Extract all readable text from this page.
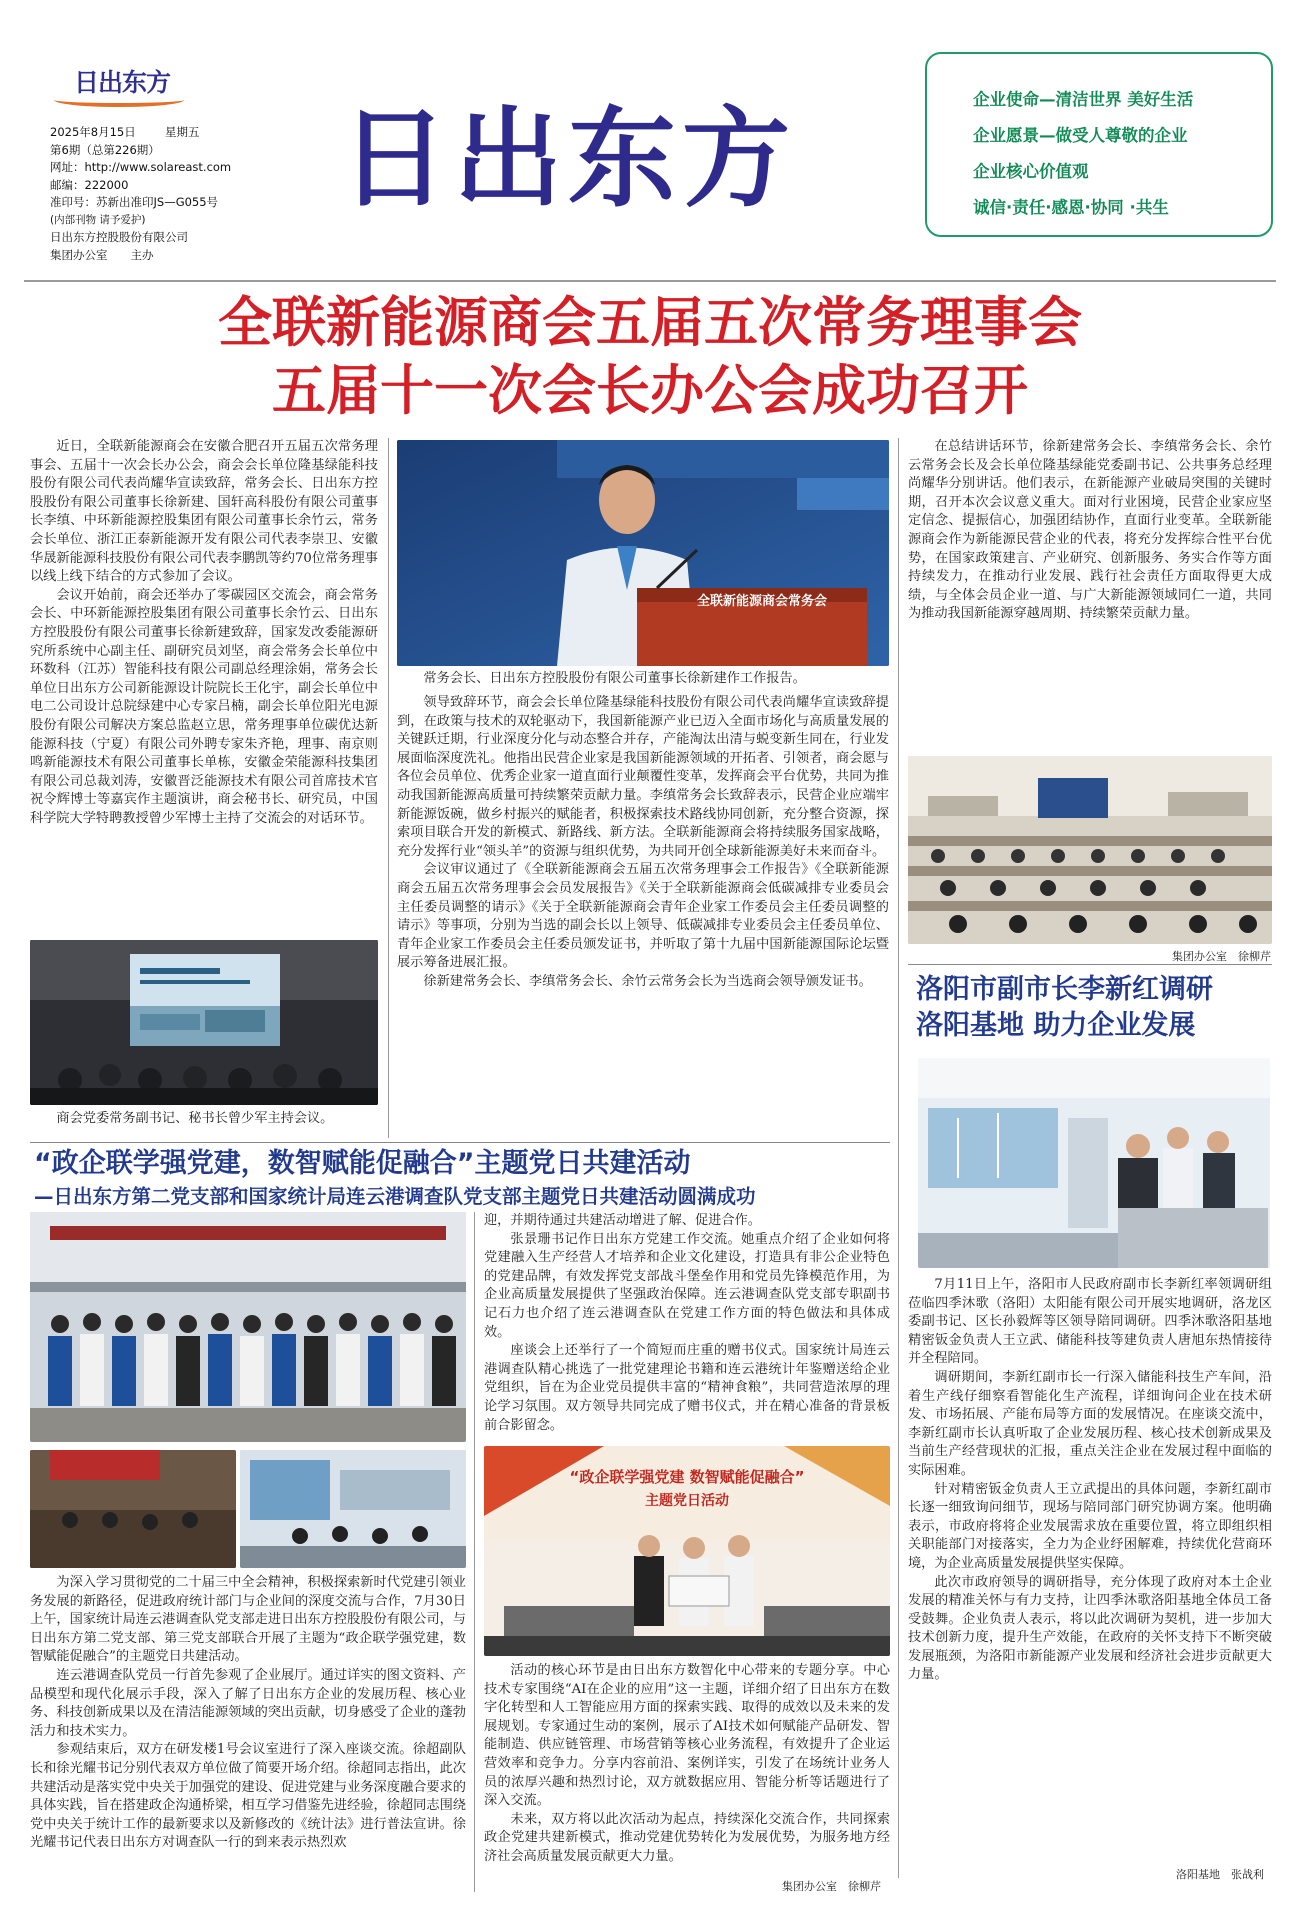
日出东方
2025年8月15日	星期五
第6期（总第226期）
网址：http://www.solareast.com
邮编：222000
准印号：苏新出准印JS—G055号
(内部刊物 请予爱护)
日出东方控股股份有限公司
集团办公室　　主办
日出东方	企业使命—清洁世界 美好生活
企业愿景—做受人尊敬的企业
企业核心价值观
诚信·责任·感恩·协同 ·共生
全联新能源商会五届五次常务理事会
五届十一次会长办公会成功召开

近日，全联新能源商会在安徽合肥召开五届五次常务理事会、五届十一次会长办公会，商会会长单位隆基绿能科技股份有限公司代表尚耀华宣读致辞，常务会长、日出东方控股股份有限公司董事长徐新建、国轩高科股份有限公司董事长李缜、中环新能源控股集团有限公司董事长余竹云，常务会长单位、浙江正泰新能源开发有限公司代表李崇卫、安徽华晟新能源科技股份有限公司代表李鹏凯等约70位常务理事以线上线下结合的方式参加了会议。

会议开始前，商会还举办了零碳园区交流会，商会常务会长、中环新能源控股集团有限公司董事长余竹云、日出东方控股股份有限公司董事长徐新建致辞，国家发改委能源研究所系统中心副主任、副研究员刘坚，商会常务会长单位中环数科（江苏）智能科技有限公司副总经理涂娟，常务会长单位日出东方公司新能源设计院院长王化宇，副会长单位中电二公司设计总院绿建中心专家吕楠，副会长单位阳光电源股份有限公司解决方案总监赵立思，常务理事单位碳优达新能源科技（宁夏）有限公司外聘专家朱齐艳，理事、南京则鸣新能源技术有限公司董事长单栋，安徽金荣能源科技集团有限公司总裁刘涛，安徽晋泛能源技术有限公司首席技术官祝令辉博士等嘉宾作主题演讲，商会秘书长、研究员，中国科学院大学特聘教授曾少军博士主持了交流会的对话环节。

商会党委常务副书记、秘书长曾少军主持会议。
全联新能源商会常务会
常务会长、日出东方控股股份有限公司董事长徐新建作工作报告。

领导致辞环节，商会会长单位隆基绿能科技股份有限公司代表尚耀华宣读致辞提到，在政策与技术的双轮驱动下，我国新能源产业已迈入全面市场化与高质量发展的关键跃迁期，行业深度分化与动态整合并存，产能淘汰出清与蜕变新生同在，行业发展面临深度洗礼。他指出民营企业家是我国新能源领域的开拓者、引领者，商会愿与各位会员单位、优秀企业家一道直面行业颠覆性变革，发挥商会平台优势，共同为推动我国新能源高质量可持续繁荣贡献力量。李缜常务会长致辞表示，民营企业应端牢新能源饭碗，做乡村振兴的赋能者，积极探索技术路线协同创新，充分整合资源，探索项目联合开发的新模式、新路线、新方法。全联新能源商会将持续服务国家战略，充分发挥行业“领头羊”的资源与组织优势，为共同开创全球新能源美好未来而奋斗。

会议审议通过了《全联新能源商会五届五次常务理事会工作报告》《全联新能源商会五届五次常务理事会会员发展报告》《关于全联新能源商会低碳减排专业委员会主任委员调整的请示》《关于全联新能源商会青年企业家工作委员会主任委员调整的请示》等事项，分别为当选的副会长以上领导、低碳减排专业委员会主任委员单位、青年企业家工作委员会主任委员颁发证书，并听取了第十九届中国新能源国际论坛暨展示筹备进展汇报。

徐新建常务会长、李缜常务会长、余竹云常务会长为当选商会领导颁发证书。

在总结讲话环节，徐新建常务会长、李缜常务会长、余竹云常务会长及会长单位隆基绿能党委副书记、公共事务总经理尚耀华分别讲话。他们表示，在新能源产业破局突围的关键时期，召开本次会议意义重大。面对行业困境，民营企业家应坚定信念、提振信心，加强团结协作，直面行业变革。全联新能源商会作为新能源民营企业的代表，将充分发挥综合性平台优势，在国家政策建言、产业研究、创新服务、务实合作等方面持续发力，在推动行业发展、践行社会责任方面取得更大成绩，与全体会员企业一道、与广大新能源领域同仁一道，共同为推动我国新能源穿越周期、持续繁荣贡献力量。

集团办公室　徐柳芹
洛阳市副市长李新红调研
洛阳基地 助力企业发展

7月11日上午，洛阳市人民政府副市长李新红率领调研组莅临四季沐歌（洛阳）太阳能有限公司开展实地调研，洛龙区委副书记、区长孙毅辉等区领导陪同调研。四季沐歌洛阳基地精密钣金负责人王立武、储能科技等建负责人唐旭东热情接待并全程陪同。

调研期间，李新红副市长一行深入储能科技生产车间，沿着生产线仔细察看智能化生产流程，详细询问企业在技术研发、市场拓展、产能布局等方面的发展情况。在座谈交流中，李新红副市长认真听取了企业发展历程、核心技术创新成果及当前生产经营现状的汇报，重点关注企业在发展过程中面临的实际困难。

针对精密钣金负责人王立武提出的具体问题，李新红副市长逐一细致询问细节，现场与陪同部门研究协调方案。他明确表示，市政府将将企业发展需求放在重要位置，将立即组织相关职能部门对接落实，全力为企业纾困解难，持续优化营商环境，为企业高质量发展提供坚实保障。

此次市政府领导的调研指导，充分体现了政府对本土企业发展的精准关怀与有力支持，让四季沐歌洛阳基地全体员工备受鼓舞。企业负责人表示，将以此次调研为契机，进一步加大技术创新力度，提升生产效能，在政府的关怀支持下不断突破发展瓶颈，为洛阳市新能源产业发展和经济社会进步贡献更大力量。

洛阳基地　张战利
“政企联学强党建，数智赋能促融合”主题党日共建活动
—日出东方第二党支部和国家统计局连云港调查队党支部主题党日共建活动圆满成功

为深入学习贯彻党的二十届三中全会精神，积极探索新时代党建引领业务发展的新路径，促进政府统计部门与企业间的深度交流与合作，7月30日上午，国家统计局连云港调查队党支部走进日出东方控股股份有限公司，与日出东方第二党支部、第三党支部联合开展了主题为“政企联学强党建，数智赋能促融合”的主题党日共建活动。

连云港调查队党员一行首先参观了企业展厅。通过详实的图文资料、产品模型和现代化展示手段，深入了解了日出东方企业的发展历程、核心业务、科技创新成果以及在清洁能源领域的突出贡献，切身感受了企业的蓬勃活力和技术实力。

参观结束后，双方在研发楼1号会议室进行了深入座谈交流。徐超副队长和徐光耀书记分别代表双方单位做了简要开场介绍。徐超同志指出，此次共建活动是落实党中央关于加强党的建设、促进党建与业务深度融合要求的具体实践，旨在搭建政企沟通桥梁，相互学习借鉴先进经验，徐超同志围绕党中央关于统计工作的最新要求以及新修改的《统计法》进行普法宣讲。徐光耀书记代表日出东方对调查队一行的到来表示热烈欢

迎，并期待通过共建活动增进了解、促进合作。

张景珊书记作日出东方党建工作交流。她重点介绍了企业如何将党建融入生产经营人才培养和企业文化建设，打造具有非公企业特色的党建品牌，有效发挥党支部战斗堡垒作用和党员先锋模范作用，为企业高质量发展提供了坚强政治保障。连云港调查队党支部专职副书记石力也介绍了连云港调查队在党建工作方面的特色做法和具体成效。

座谈会上还举行了一个简短而庄重的赠书仪式。国家统计局连云港调查队精心挑选了一批党建理论书籍和连云港统计年鉴赠送给企业党组织，旨在为企业党员提供丰富的“精神食粮”，共同营造浓厚的理论学习氛围。双方领导共同完成了赠书仪式，并在精心准备的背景板前合影留念。

“政企联学强党建 数智赋能促融合”
主题党日活动

活动的核心环节是由日出东方数智化中心带来的专题分享。中心技术专家围绕“AI在企业的应用”这一主题，详细介绍了日出东方在数字化转型和人工智能应用方面的探索实践、取得的成效以及未来的发展规划。专家通过生动的案例，展示了AI技术如何赋能产品研发、智能制造、供应链管理、市场营销等核心业务流程，有效提升了企业运营效率和竞争力。分享内容前沿、案例详实，引发了在场统计业务人员的浓厚兴趣和热烈讨论，双方就数据应用、智能分析等话题进行了深入交流。

未来，双方将以此次活动为起点，持续深化交流合作，共同探索政企党建共建新模式，推动党建优势转化为发展优势，为服务地方经济社会高质量发展贡献更大力量。

集团办公室　徐柳芹
